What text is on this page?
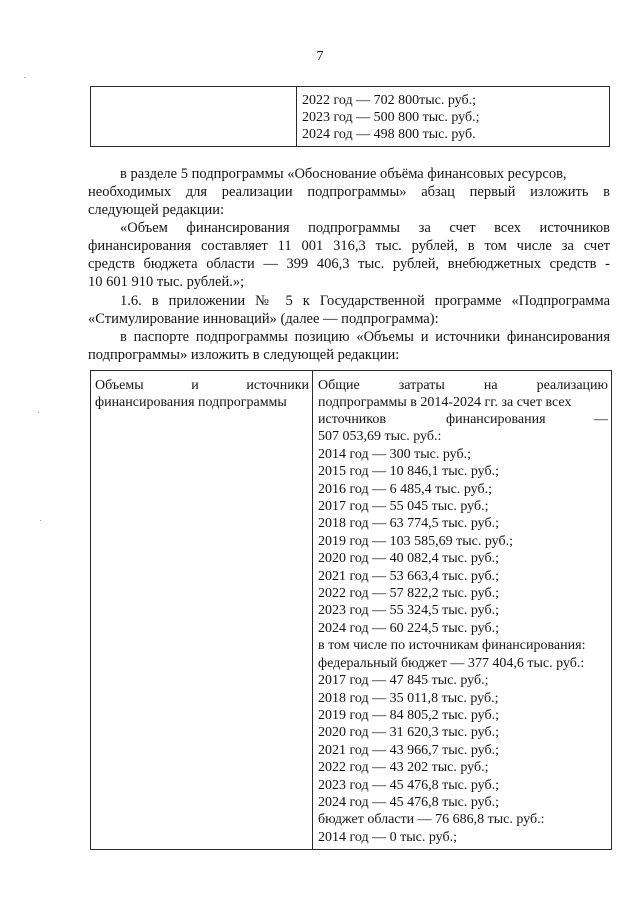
7

2022 год — 702 800тыс. руб.;
2023 год — 500 800 тыс. руб.;
2024 год — 498 800 тыс. руб.
в разделе 5 подпрограммы «Обоснование объёма финансовых ресурсов,
необходимых для реализации подпрограммы» абзац первый изложить в
следующей редакции:
«Объем финансирования подпрограммы за счет всех источников
финансирования составляет 11 001 316,3 тыс. рублей, в том числе за счет
средств бюджета области — 399 406,3 тыс. рублей, внебюджетных средств -
10 601 910 тыс. рублей.»;
1.6. в приложении № 5 к Государственной программе «Подпрограмма
«Стимулирование инноваций» (далее — подпрограмма):
в паспорте подпрограммы позицию «Объемы и источники финансирования
подпрограммы» изложить в следующей редакции:
Объемы	и	источники
финансирования подпрограммы

Общие	затраты	на	реализацию
подпрограммы в 2014-2024 гг. за счет всех
источников	финансирования	—
507 053,69 тыс. руб.:
2014 год — 300 тыс. руб.;
2015 год — 10 846,1 тыс. руб.;
2016 год — 6 485,4 тыс. руб.;
2017 год — 55 045 тыс. руб.;
2018 год — 63 774,5 тыс. руб.;
2019 год — 103 585,69 тыс. руб.;
2020 год — 40 082,4 тыс. руб.;
2021 год — 53 663,4 тыс. руб.;
2022 год — 57 822,2 тыс. руб.;
2023 год — 55 324,5 тыс. руб.;
2024 год — 60 224,5 тыс. руб.;
в том числе по источникам финансирования:
федеральный бюджет — 377 404,6 тыс. руб.:
2017 год — 47 845 тыс. руб.;
2018 год — 35 011,8 тыс. руб.;
2019 год — 84 805,2 тыс. руб.;
2020 год — 31 620,3 тыс. руб.;
2021 год — 43 966,7 тыс. руб.;
2022 год — 43 202 тыс. руб.;
2023 год — 45 476,8 тыс. руб.;
2024 год — 45 476,8 тыс. руб.;
бюджет области — 76 686,8 тыс. руб.:
2014 год — 0 тыс. руб.;
